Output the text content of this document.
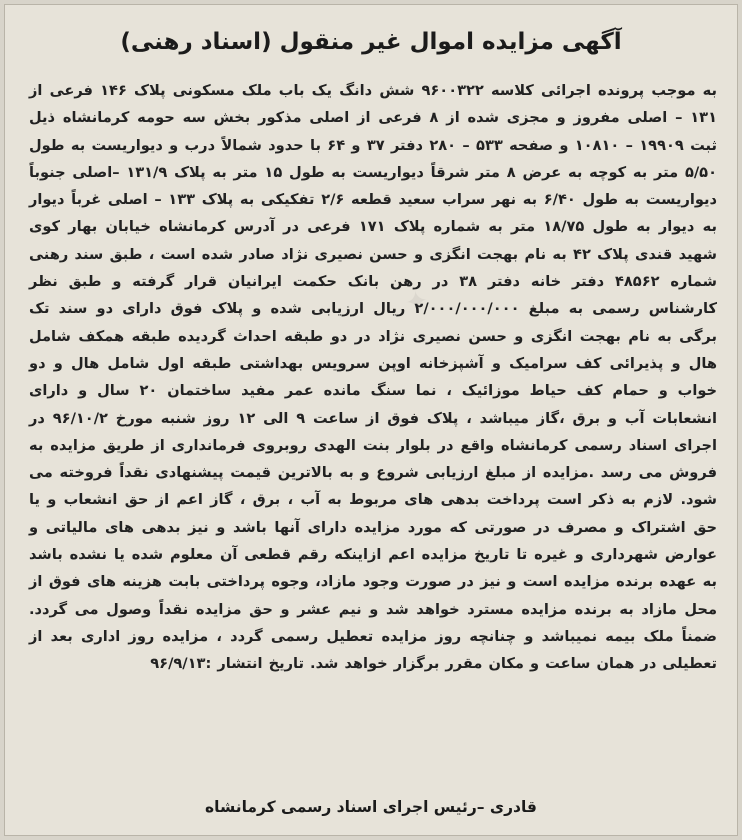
✦
آگهی مزایده اموال غیر منقول (اسناد رهنی)
به موجب پرونده اجرائی کلاسه ۹۶۰۰۳۲۲ شش دانگ یک باب ملک مسکونی پلاک ۱۴۶ فرعی از ۱۳۱ – اصلی مفروز و مجزی شده از ۸ فرعی از اصلی مذکور بخش سه حومه کرمانشاه ذیل ثبت ۱۹۹۰۹ – ۱۰۸۱۰ و صفحه ۵۳۳ – ۲۸۰ دفتر ۳۷ و ۶۴ با حدود شمالاً درب و دیواریست به طول ۵/۵۰ متر به کوچه به عرض ۸ متر شرقاً دیواریست به طول ۱۵ متر به پلاک ۱۳۱/۹ –اصلی جنوباً دیواریست به طول ۶/۴۰ به نهر سراب سعید قطعه ۲/۶ تفکیکی به پلاک ۱۳۳ – اصلی غرباً دیوار به دیوار به طول ۱۸/۷۵ متر به شماره پلاک ۱۷۱ فرعی در آدرس کرمانشاه خیابان بهار کوی شهید قندی پلاک ۴۲ به نام بهجت انگزی و حسن نصیری نژاد صادر شده است ، طبق سند رهنی شماره ۴۸۵۶۲ دفتر خانه دفتر ۳۸ در رهن بانک حکمت ایرانیان قرار گرفته و طبق نظر کارشناس رسمی به مبلغ ۲/۰۰۰/۰۰۰/۰۰۰ ریال ارزیابی شده و پلاک فوق دارای دو سند تک برگی به نام بهجت انگزی و حسن نصیری نژاد در دو طبقه احداث گردیده طبقه همکف شامل هال و پذیرائی کف سرامیک و آشپزخانه اوپن سرویس بهداشتی طبقه اول شامل هال و دو خواب و حمام کف حیاط موزائیک ، نما سنگ مانده عمر مفید ساختمان ۲۰ سال و دارای انشعابات آب و برق ،گاز میباشد ، پلاک فوق از ساعت ۹ الی ۱۲ روز شنبه مورخ ۹۶/۱۰/۲ در اجرای اسناد رسمی کرمانشاه واقع در بلوار بنت الهدی روبروی فرمانداری از طریق مزایده به فروش می رسد .مزایده از مبلغ ارزیابی شروع و به بالاترین قیمت پیشنهادی نقداً فروخته می شود. لازم به ذکر است پرداخت بدهی های مربوط به آب ، برق ، گاز اعم از حق انشعاب و یا حق اشتراک و مصرف در صورتی که مورد مزایده دارای آنها باشد و نیز بدهی های مالیاتی و عوارض شهرداری و غیره تا تاریخ مزایده اعم ازاینکه رقم قطعی آن معلوم شده یا نشده باشد به عهده برنده مزایده است و نیز در صورت وجود مازاد، وجوه پرداختی بابت هزینه های فوق از محل مازاد به برنده مزایده مسترد خواهد شد و نیم عشر و حق مزایده نقداً وصول می گردد. ضمناً ملک بیمه نمیباشد و چنانچه روز مزایده تعطیل رسمی گردد ، مزایده روز اداری بعد از تعطیلی در همان ساعت و مکان مقرر برگزار خواهد شد. تاریخ انتشار :۹۶/۹/۱۳
قادری –رئیس اجرای اسناد رسمی کرمانشاه
